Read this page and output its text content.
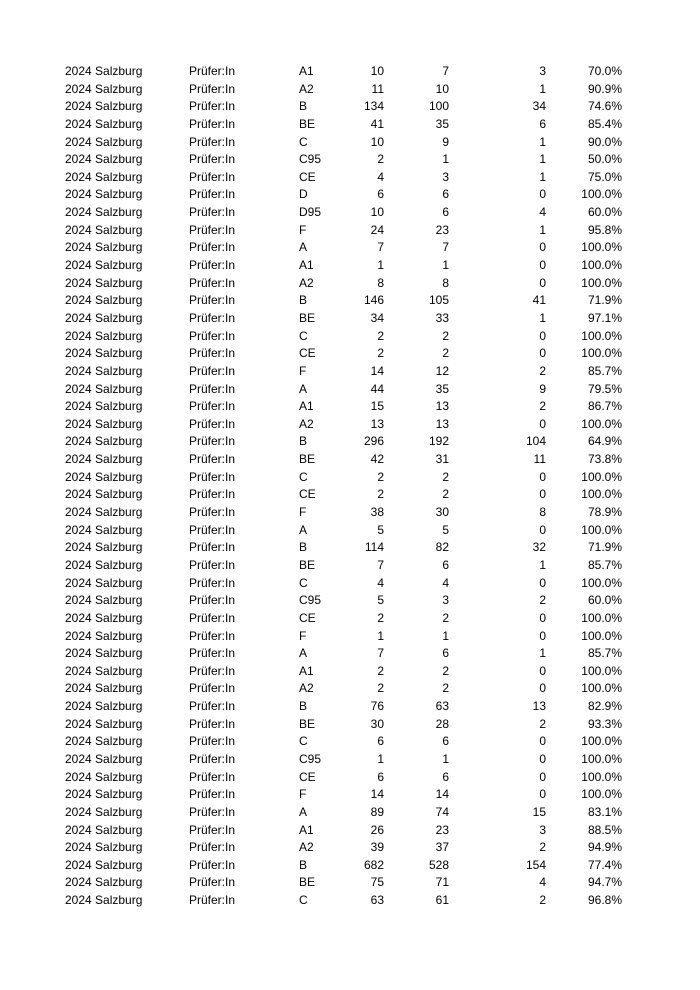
2024 Salzburg	Prüfer:In	A1	10	7	3	70.0%
2024 Salzburg	Prüfer:In	A2	11	10	1	90.9%
2024 Salzburg	Prüfer:In	B	134	100	34	74.6%
2024 Salzburg	Prüfer:In	BE	41	35	6	85.4%
2024 Salzburg	Prüfer:In	C	10	9	1	90.0%
2024 Salzburg	Prüfer:In	C95	2	1	1	50.0%
2024 Salzburg	Prüfer:In	CE	4	3	1	75.0%
2024 Salzburg	Prüfer:In	D	6	6	0	100.0%
2024 Salzburg	Prüfer:In	D95	10	6	4	60.0%
2024 Salzburg	Prüfer:In	F	24	23	1	95.8%
2024 Salzburg	Prüfer:In	A	7	7	0	100.0%
2024 Salzburg	Prüfer:In	A1	1	1	0	100.0%
2024 Salzburg	Prüfer:In	A2	8	8	0	100.0%
2024 Salzburg	Prüfer:In	B	146	105	41	71.9%
2024 Salzburg	Prüfer:In	BE	34	33	1	97.1%
2024 Salzburg	Prüfer:In	C	2	2	0	100.0%
2024 Salzburg	Prüfer:In	CE	2	2	0	100.0%
2024 Salzburg	Prüfer:In	F	14	12	2	85.7%
2024 Salzburg	Prüfer:In	A	44	35	9	79.5%
2024 Salzburg	Prüfer:In	A1	15	13	2	86.7%
2024 Salzburg	Prüfer:In	A2	13	13	0	100.0%
2024 Salzburg	Prüfer:In	B	296	192	104	64.9%
2024 Salzburg	Prüfer:In	BE	42	31	11	73.8%
2024 Salzburg	Prüfer:In	C	2	2	0	100.0%
2024 Salzburg	Prüfer:In	CE	2	2	0	100.0%
2024 Salzburg	Prüfer:In	F	38	30	8	78.9%
2024 Salzburg	Prüfer:In	A	5	5	0	100.0%
2024 Salzburg	Prüfer:In	B	114	82	32	71.9%
2024 Salzburg	Prüfer:In	BE	7	6	1	85.7%
2024 Salzburg	Prüfer:In	C	4	4	0	100.0%
2024 Salzburg	Prüfer:In	C95	5	3	2	60.0%
2024 Salzburg	Prüfer:In	CE	2	2	0	100.0%
2024 Salzburg	Prüfer:In	F	1	1	0	100.0%
2024 Salzburg	Prüfer:In	A	7	6	1	85.7%
2024 Salzburg	Prüfer:In	A1	2	2	0	100.0%
2024 Salzburg	Prüfer:In	A2	2	2	0	100.0%
2024 Salzburg	Prüfer:In	B	76	63	13	82.9%
2024 Salzburg	Prüfer:In	BE	30	28	2	93.3%
2024 Salzburg	Prüfer:In	C	6	6	0	100.0%
2024 Salzburg	Prüfer:In	C95	1	1	0	100.0%
2024 Salzburg	Prüfer:In	CE	6	6	0	100.0%
2024 Salzburg	Prüfer:In	F	14	14	0	100.0%
2024 Salzburg	Prüfer:In	A	89	74	15	83.1%
2024 Salzburg	Prüfer:In	A1	26	23	3	88.5%
2024 Salzburg	Prüfer:In	A2	39	37	2	94.9%
2024 Salzburg	Prüfer:In	B	682	528	154	77.4%
2024 Salzburg	Prüfer:In	BE	75	71	4	94.7%
2024 Salzburg	Prüfer:In	C	63	61	2	96.8%
